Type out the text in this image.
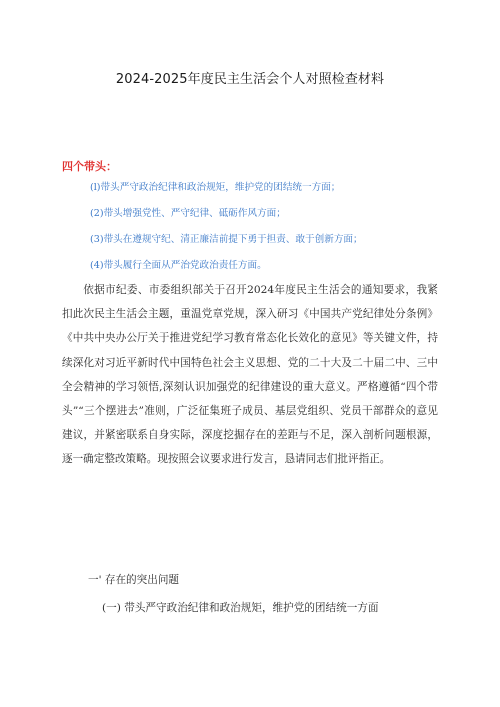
2024-2025年度民主生活会个人对照检查材料
四个带头：
(l)带头严守政治纪律和政治规矩，维护党的团结统一方面；
(2)带头增强党性、严守纪律、砥砺作风方面；
(3)带头在遵规守纪、清正廉洁前提下勇于担责、敢于创新方面；
(4)带头履行全面从严治党政治责任方面。
依据市纪委、市委组织部关于召开2024年度民主生活会的通知要求，我紧扣此次民主生活会主题，重温党章党规，深入研习《中国共产党纪律处分条例》《中共中央办公厅关于推进党纪学习教育常态化长效化的意见》等关键文件，持续深化对习近平新时代中国特色社会主义思想、党的二十大及二十届二中、三中全会精神的学习领悟,深刻认识加强党的纪律建设的重大意义。严格遵循“四个带头”“三个摆进去”准则，广泛征集班子成员、基层党组织、党员干部群众的意见建议，并紧密联系自身实际，深度挖掘存在的差距与不足，深入剖析问题根源，逐一确定整改策略。现按照会议要求进行发言，恳请同志们批评指正。
一' 存在的突出问题
(一) 带头严守政治纪律和政治规矩，维护党的团结统一方面
